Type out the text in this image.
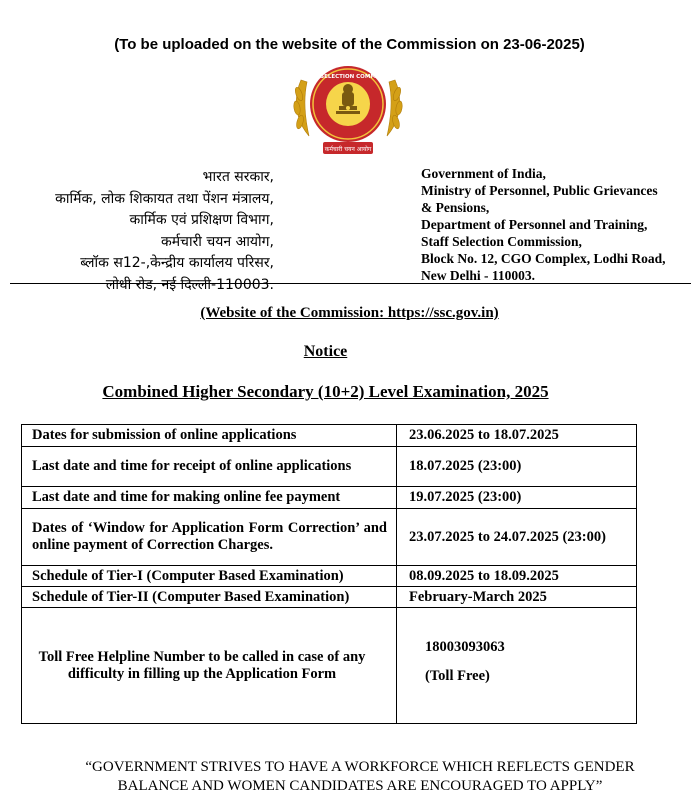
(To be uploaded on the website of the Commission on 23-06-2025)
STAFF SELECTION COMMISSION
कर्मचारी चयन आयोग
भारत सरकार,
कार्मिक, लोक शिकायत तथा पेंशन मंत्रालय,
कार्मिक एवं प्रशिक्षण विभाग,
कर्मचारी चयन आयोग,
ब्लॉक स12-,केन्द्रीय कार्यालय परिसर,
लोधी रोड, नई दिल्ली-110003.
Government of India,
Ministry of Personnel, Public Grievances
& Pensions,
Department of Personnel and Training,
Staff Selection Commission,
Block No. 12, CGO Complex, Lodhi Road,
New Delhi - 110003.
(Website of the Commission: https://ssc.gov.in)
Notice
Combined Higher Secondary (10+2) Level Examination, 2025
Dates for submission of online applications	23.06.2025 to 18.07.2025
Last date and time for receipt of online applications	18.07.2025 (23:00)
Last date and time for making online fee payment	19.07.2025 (23:00)
Dates of ‘Window for Application Form Correction’ and online payment of Correction Charges.	23.07.2025 to 24.07.2025 (23:00)
Schedule of Tier-I (Computer Based Examination)	08.09.2025 to 18.09.2025
Schedule of Tier-II (Computer Based Examination)	February-March 2025
Toll Free Helpline Number to be called in case of any difficulty in filling up the Application Form	18003093063
(Toll Free)
“GOVERNMENT STRIVES TO HAVE A WORKFORCE WHICH REFLECTS GENDER
BALANCE AND WOMEN CANDIDATES ARE ENCOURAGED TO APPLY”
